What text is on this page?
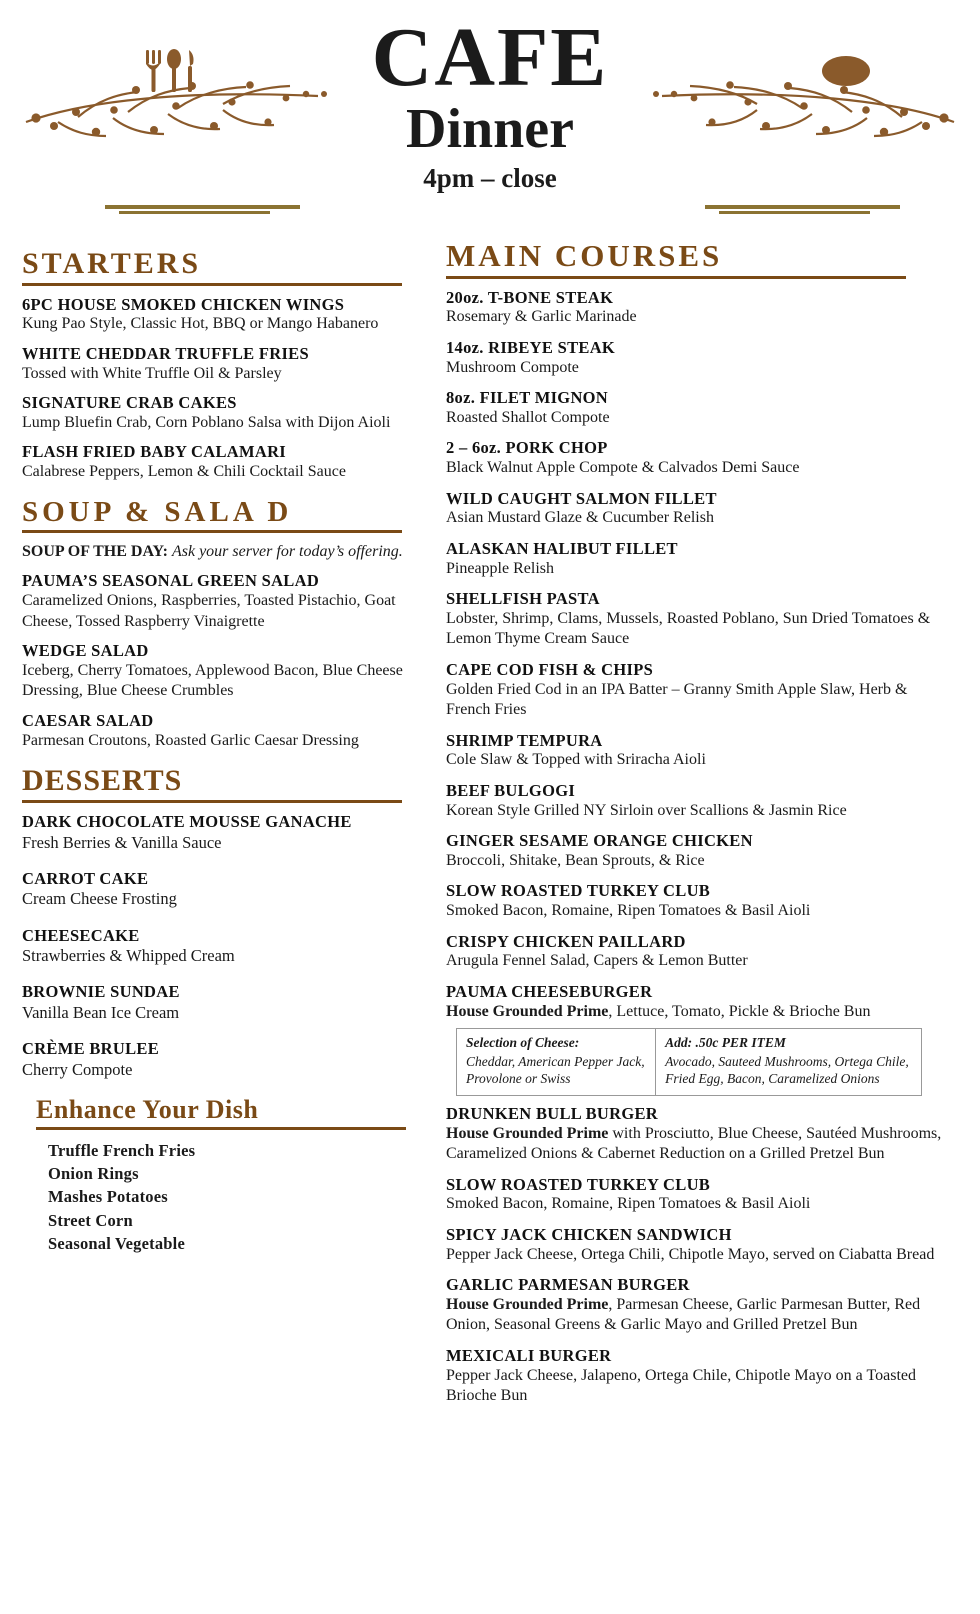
CAFE
Dinner
4pm – close
STARTERS
6PC HOUSE SMOKED CHICKEN WINGS
Kung Pao Style, Classic Hot, BBQ or Mango Habanero
WHITE CHEDDAR TRUFFLE FRIES
Tossed with White Truffle Oil & Parsley
SIGNATURE CRAB CAKES
Lump Bluefin Crab, Corn Poblano Salsa with Dijon Aioli
FLASH FRIED BABY CALAMARI
Calabrese Peppers, Lemon & Chili Cocktail Sauce
SOUP & SALA D
SOUP OF THE DAY: Ask your server for today’s offering.
PAUMA’S SEASONAL GREEN SALAD
Caramelized Onions, Raspberries, Toasted Pistachio, Goat Cheese, Tossed Raspberry Vinaigrette
WEDGE SALAD
Iceberg, Cherry Tomatoes, Applewood Bacon, Blue Cheese Dressing, Blue Cheese Crumbles
CAESAR SALAD
Parmesan Croutons, Roasted Garlic Caesar Dressing
DESSERTS
DARK CHOCOLATE MOUSSE GANACHE
Fresh Berries & Vanilla Sauce
CARROT CAKE
Cream Cheese Frosting
CHEESECAKE
Strawberries & Whipped Cream
BROWNIE SUNDAE
Vanilla Bean Ice Cream
CRÈME BRULEE
Cherry Compote
Enhance Your Dish
Truffle French Fries
Onion Rings
Mashes Potatoes
Street Corn
Seasonal Vegetable
MAIN COURSES
20oz. T-BONE STEAK
Rosemary & Garlic Marinade
14oz. RIBEYE STEAK
Mushroom Compote
8oz. FILET MIGNON
Roasted Shallot Compote
2 – 6oz. PORK CHOP
Black Walnut Apple Compote & Calvados Demi Sauce
WILD CAUGHT SALMON FILLET
Asian Mustard Glaze & Cucumber Relish
ALASKAN HALIBUT FILLET
Pineapple Relish
SHELLFISH PASTA
Lobster, Shrimp, Clams, Mussels, Roasted Poblano, Sun Dried Tomatoes & Lemon Thyme Cream Sauce
CAPE COD FISH & CHIPS
Golden Fried Cod in an IPA Batter – Granny Smith Apple Slaw, Herb & French Fries
SHRIMP TEMPURA
Cole Slaw & Topped with Sriracha Aioli
BEEF BULGOGI
Korean Style Grilled NY Sirloin over Scallions & Jasmin Rice
GINGER SESAME ORANGE CHICKEN
Broccoli, Shitake, Bean Sprouts, & Rice
SLOW ROASTED TURKEY CLUB
Smoked Bacon, Romaine, Ripen Tomatoes & Basil Aioli
CRISPY CHICKEN PAILLARD
Arugula Fennel Salad, Capers & Lemon Butter
PAUMA CHEESEBURGER
House Grounded Prime, Lettuce, Tomato, Pickle & Brioche Bun
Selection of Cheese:
Cheddar, American Pepper Jack, Provolone or Swiss
Add: .50c PER ITEM
Avocado, Sauteed Mushrooms, Ortega Chile, Fried Egg, Bacon, Caramelized Onions
DRUNKEN BULL BURGER
House Grounded Prime with Prosciutto, Blue Cheese, Sautéed Mushrooms, Caramelized Onions & Cabernet Reduction on a Grilled Pretzel Bun
SLOW ROASTED TURKEY CLUB
Smoked Bacon, Romaine, Ripen Tomatoes & Basil Aioli
SPICY JACK CHICKEN SANDWICH
Pepper Jack Cheese, Ortega Chili, Chipotle Mayo, served on Ciabatta Bread
GARLIC PARMESAN BURGER
House Grounded Prime, Parmesan Cheese, Garlic Parmesan Butter, Red Onion, Seasonal Greens & Garlic Mayo and Grilled Pretzel Bun
MEXICALI BURGER
Pepper Jack Cheese, Jalapeno, Ortega Chile, Chipotle Mayo on a Toasted Brioche Bun
